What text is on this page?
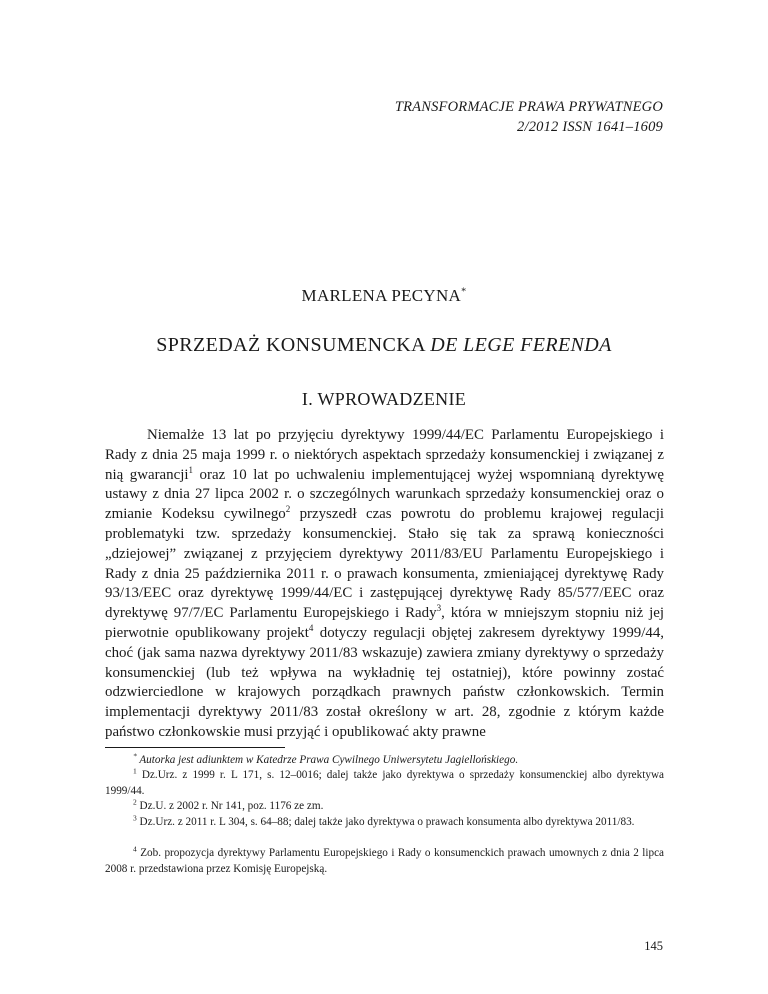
TRANSFORMACJE PRAWA PRYWATNEGO
2/2012 ISSN 1641–1609
MARLENA PECYNA*
SPRZEDAŻ KONSUMENCKA DE LEGE FERENDA
I. WPROWADZENIE
Niemalże 13 lat po przyjęciu dyrektywy 1999/44/EC Parlamentu Europejskiego i Rady z dnia 25 maja 1999 r. o niektórych aspektach sprzedaży konsumenckiej i związanej z nią gwarancji$^1$ oraz 10 lat po uchwaleniu implementującej wyżej wspomnianą dyrektywę ustawy z dnia 27 lipca 2002 r. o szczególnych warunkach sprzedaży konsumenckiej oraz o zmianie Kodeksu cywilnego$^2$ przyszedł czas powrotu do problemu krajowej regulacji problematyki tzw. sprzedaży konsumenckiej. Stało się tak za sprawą konieczności „dziejowej” związanej z przyjęciem dyrektywy 2011/83/EU Parlamentu Europejskiego i Rady z dnia 25 października 2011 r. o prawach konsumenta, zmieniającej dyrektywę Rady 93/13/EEC oraz dyrektywę 1999/44/EC i zastępującej dyrektywę Rady 85/577/EEC oraz dyrektywę 97/7/EC Parlamentu Europejskiego i Rady$^3$, która w mniejszym stopniu niż jej pierwotnie opublikowany projekt$^4$ dotyczy regulacji objętej zakresem dyrektywy 1999/44, choć (jak sama nazwa dyrektywy 2011/83 wskazuje) zawiera zmiany dyrektywy o sprzedaży konsumenckiej (lub też wpływa na wykładnię tej ostatniej), które powinny zostać odzwierciedlone w krajowych porządkach prawnych państw członkowskich. Termin implementacji dyrektywy 2011/83 został określony w art. 28, zgodnie z którym każde państwo członkowskie musi przyjąć i opublikować akty prawne
* Autorka jest adiunktem w Katedrze Prawa Cywilnego Uniwersytetu Jagiellońskiego.
$^1$ Dz.Urz. z 1999 r. L 171, s. 12–0016; dalej także jako dyrektywa o sprzedaży konsumenckiej albo dyrektywa 1999/44.
$^2$ Dz.U. z 2002 r. Nr 141, poz. 1176 ze zm.
$^3$ Dz.Urz. z 2011 r. L 304, s. 64–88; dalej także jako dyrektywa o prawach konsumenta albo dyrektywa 2011/83.
$^4$ Zob. propozycja dyrektywy Parlamentu Europejskiego i Rady o konsumenckich prawach umownych z dnia 2 lipca 2008 r. przedstawiona przez Komisję Europejską.
145
